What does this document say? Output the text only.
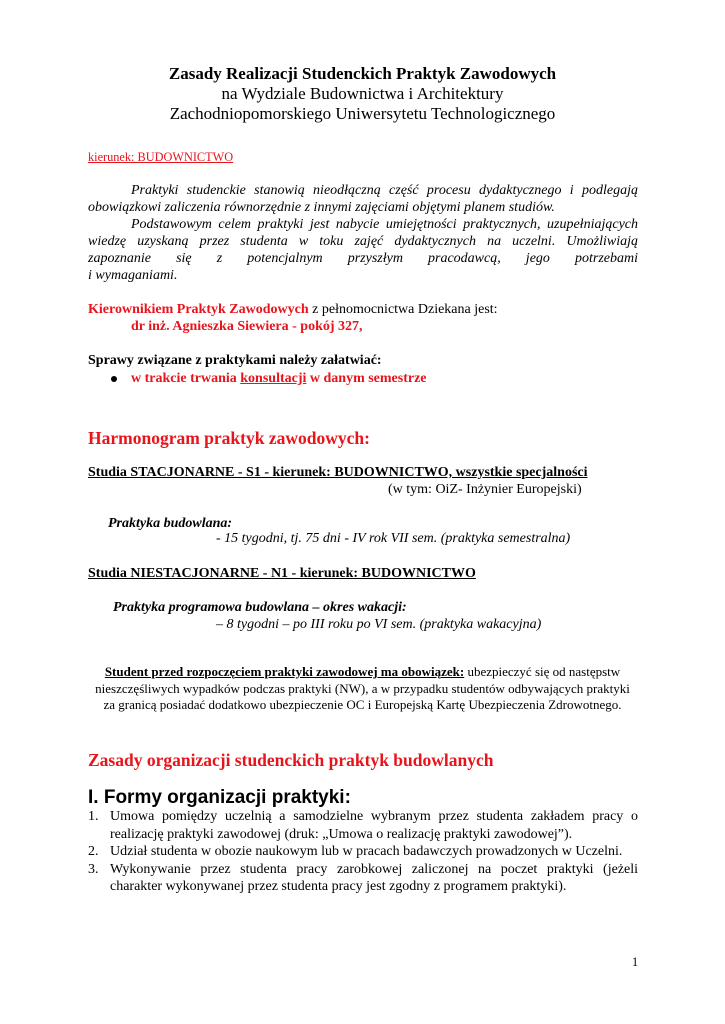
Zasady Realizacji Studenckich Praktyk Zawodowych
na Wydziale Budownictwa i Architektury
Zachodniopomorskiego Uniwersytetu Technologicznego
kierunek: BUDOWNICTWO
Praktyki studenckie stanowią nieodłączną część procesu dydaktycznego i podlegają
obowiązkowi zaliczenia równorzędnie z innymi zajęciami objętymi planem studiów.
Podstawowym celem praktyki jest nabycie umiejętności praktycznych, uzupełniających
wiedzę uzyskaną przez studenta w toku zajęć dydaktycznych na uczelni. Umożliwiają
zapoznanie się z potencjalnym przyszłym pracodawcą, jego potrzebami
i wymaganiami.
Kierownikiem Praktyk Zawodowych z pełnomocnictwa Dziekana jest:
dr inż. Agnieszka Siewiera - pokój 327,
Sprawy związane z praktykami należy załatwiać:
w trakcie trwania konsultacji w danym semestrze
Harmonogram praktyk zawodowych:
Studia STACJONARNE - S1 - kierunek: BUDOWNICTWO, wszystkie specjalności
(w tym: OiZ- Inżynier Europejski)
Praktyka budowlana:
- 15 tygodni, tj. 75 dni - IV rok VII sem. (praktyka semestralna)
Studia NIESTACJONARNE - N1 - kierunek: BUDOWNICTWO
Praktyka programowa budowlana – okres wakacji:
– 8 tygodni – po III roku po VI sem. (praktyka wakacyjna)
Student przed rozpoczęciem praktyki zawodowej ma obowiązek: ubezpieczyć się od następstw
nieszczęśliwych wypadków podczas praktyki (NW), a w przypadku studentów odbywających praktyki
za granicą posiadać dodatkowo ubezpieczenie OC i Europejską Kartę Ubezpieczenia Zdrowotnego.
Zasady organizacji studenckich praktyk budowlanych
I. Formy organizacji praktyki:
1. Umowa pomiędzy uczelnią a samodzielne wybranym przez studenta zakładem pracy o realizację praktyki zawodowej (druk: „Umowa o realizację praktyki zawodowej”).
2. Udział studenta w obozie naukowym lub w pracach badawczych prowadzonych w Uczelni.
3. Wykonywanie przez studenta pracy zarobkowej zaliczonej na poczet praktyki (jeżeli charakter wykonywanej przez studenta pracy jest zgodny z programem praktyki).
1
